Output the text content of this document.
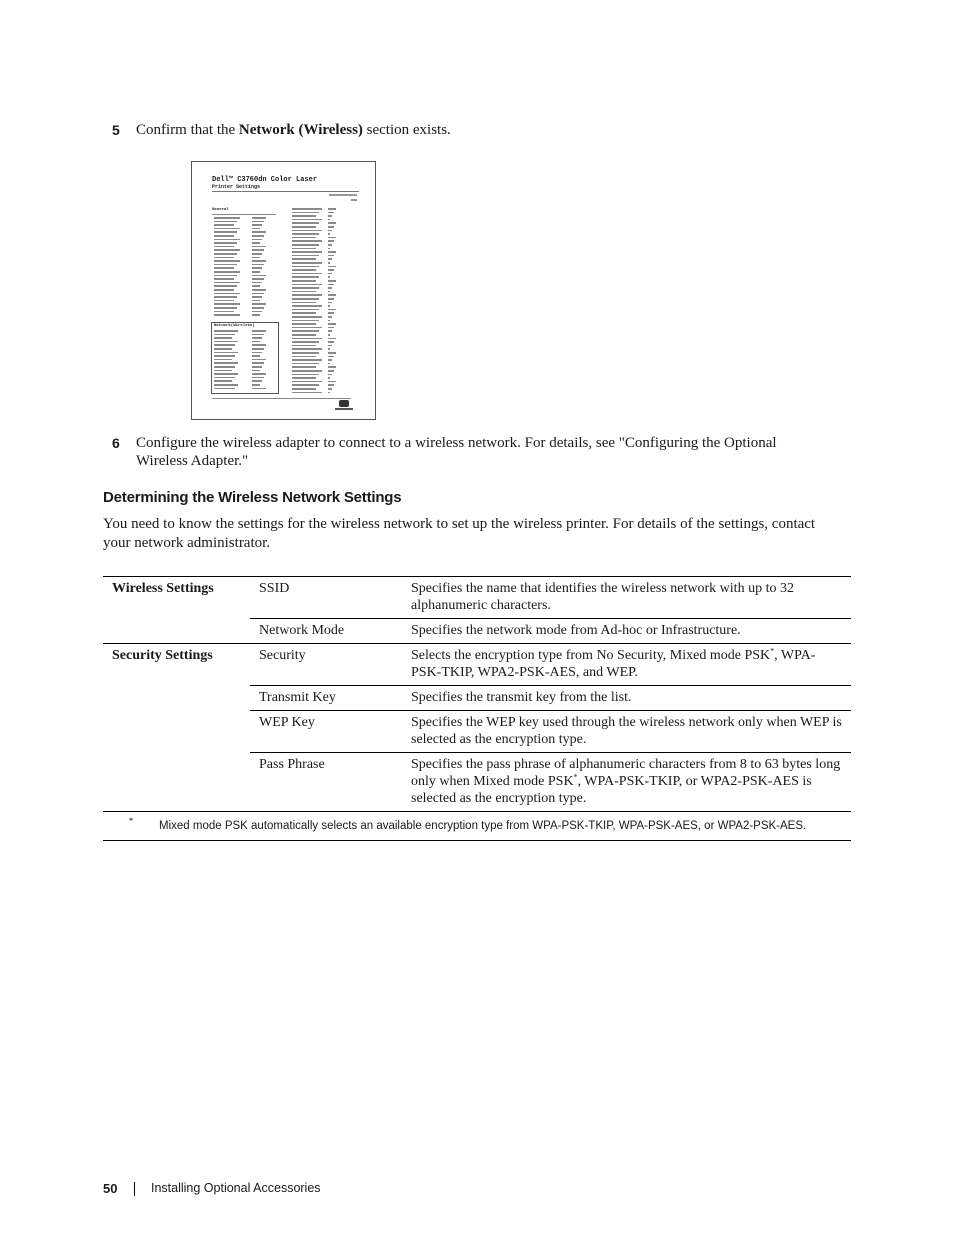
5 Confirm that the Network (Wireless) section exists.
Dell™ C3760dn Color Laser
Printer Settings
General
Network(Wireless)
6 Configure the wireless adapter to connect to a wireless network. For details, see "Configuring the Optional Wireless Adapter."
Determining the Wireless Network Settings

You need to know the settings for the wireless network to set up the wireless printer. For details of the settings, contact your network administrator.

Wireless Settings	SSID	Specifies the name that identifies the wireless network with up to 32 alphanumeric characters.
	Network Mode	Specifies the network mode from Ad-hoc or Infrastructure.
Security Settings	Security	Selects the encryption type from No Security, Mixed mode PSK*, WPA-PSK-TKIP, WPA2-PSK-AES, and WEP.
	Transmit Key	Specifies the transmit key from the list.
	WEP Key	Specifies the WEP key used through the wireless network only when WEP is selected as the encryption type.
	Pass Phrase	Specifies the pass phrase of alphanumeric characters from 8 to 63 bytes long only when Mixed mode PSK*, WPA-PSK-TKIP, or WPA2-PSK-AES is selected as the encryption type.
* Mixed mode PSK automatically selects an available encryption type from WPA-PSK-TKIP, WPA-PSK-AES, or WPA2-PSK-AES.		
50	Installing Optional Accessories
